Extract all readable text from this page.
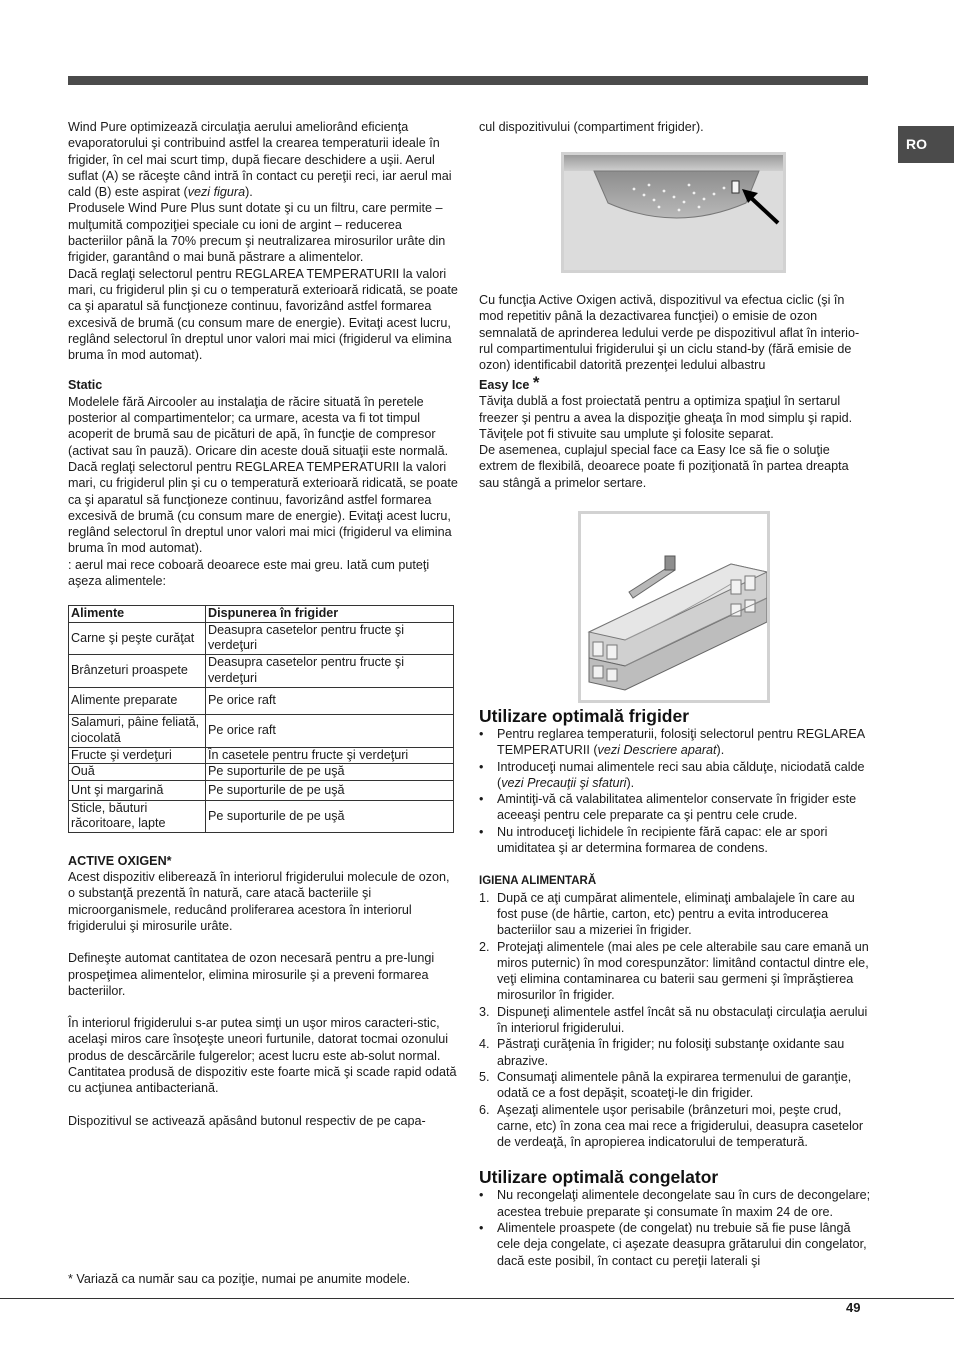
RO

Wind Pure optimizează circulaţia aerului ameliorând eficienţa evaporatorului şi contribuind astfel la crearea temperaturii ideale în frigider, în cel mai scurt timp, după fiecare deschidere a uşii. Aerul suflat (A) se răceşte când intră în contact cu pereţii reci, iar aerul mai cald (B) este aspirat (vezi figura).

Produsele Wind Pure Plus sunt dotate şi cu un filtru, care permite – mulţumită compoziţiei speciale cu ioni de argint – reducerea bacteriilor până la 70% precum şi neutralizarea mirosurilor urâte din frigider, garantând o mai bună păstrare a alimentelor.

Dacă reglaţi selectorul pentru REGLAREA TEMPERATURII la valori mari, cu frigiderul plin şi cu o temperatură exterioară ridicată, se poate ca şi aparatul să funcţioneze continuu, favorizând astfel formarea excesivă de brumă (cu consum mare de energie). Evitaţi acest lucru, reglând selectorul în dreptul unor valori mai mici (frigiderul va elimina bruma în mod automat).

Static

Modelele fără Aircooler au instalaţia de răcire situată în peretele posterior al compartimentelor; ca urmare, acesta va fi tot timpul acoperit de brumă sau de picături de apă, în funcţie de compresor (activat sau în pauză). Oricare din aceste două situaţii este normală. Dacă reglaţi selectorul pentru REGLAREA TEMPERATURII la valori mari, cu frigiderul plin şi cu o temperatură exterioară ridicată, se poate ca şi aparatul să funcţioneze continuu, favorizând astfel formarea excesivă de brumă (cu consum mare de energie). Evitaţi acest lucru, reglând selectorul în dreptul unor valori mai mici (frigiderul va elimina bruma în mod automat).

: aerul mai rece coboară deoarece este mai greu. Iată cum puteţi aşeza alimentele:

Alimente	Dispunerea în frigider
Carne şi peşte curăţat	Deasupra casetelor pentru fructe şi verdeţuri
Brânzeturi proaspete	Deasupra casetelor pentru fructe şi verdeţuri
Alimente preparate	Pe orice raft
Salamuri, pâine feliată, ciocolată	Pe orice raft
Fructe şi verdeţuri	În casetele pentru fructe şi verdeţuri
Ouă	Pe suporturile de pe uşă
Unt şi margarină	Pe suporturile de pe uşă
Sticle, băuturi răcoritoare, lapte	Pe suporturile de pe uşă

ACTIVE OXIGEN*

Acest dispozitiv eliberează în interiorul frigiderului molecule de ozon, o substanţă prezentă în natură, care atacă bacteriile şi microorganismele, reducând proliferarea acestora în interiorul frigiderului şi mirosurile urâte.

Defineşte automat cantitatea de ozon necesară pentru a pre-lungi prospeţimea alimentelor, elimina mirosurile şi a preveni formarea bacteriilor.

În interiorul frigiderului s-ar putea simţi un uşor miros caracteri-stic, acelaşi miros care însoţeşte uneori furtunile, datorat tocmai ozonului produs de descărcările fulgerelor; acest lucru este ab-solut normal. Cantitatea produsă de dispozitiv este foarte mică şi scade rapid odată cu acţiunea antibacteriană.

Dispozitivul se activează apăsând butonul respectiv de pe capa-

* Variază ca număr sau ca poziţie, numai pe anumite modele.

cul dispozitivului (compartiment frigider).

Cu funcţia Active Oxigen activă, dispozitivul va efectua ciclic (şi în mod repetitiv până la dezactivarea funcţiei) o emisie de ozon semnalată de aprinderea ledului verde pe dispozitivul aflat în interio-rul compartimentului frigiderului şi un ciclu stand-by (fără emisie de ozon) identificabil datorită prezenţei ledului albastru

Easy Ice *

Tăviţa dublă a fost proiectată pentru a optimiza spaţiul în sertarul freezer şi pentru a avea la dispoziţie gheaţa în mod simplu şi rapid. Tăviţele pot fi stivuite sau umplute şi folosite separat.

De asemenea, cuplajul special face ca Easy Ice să fie o soluţie extrem de flexibilă, deoarece poate fi poziţionată în partea dreapta sau stângă a primelor sertare.

Utilizare optimală frigider
• Pentru reglarea temperaturii, folosiţi selectorul pentru REGLAREA TEMPERATURII (vezi Descriere aparat).
• Introduceţi numai alimentele reci sau abia călduţe, niciodată calde (vezi Precauţii şi sfaturi).
• Amintiţi-vă că valabilitatea alimentelor conservate în frigider este aceeaşi pentru cele preparate ca şi pentru cele crude.
• Nu introduceţi lichidele în recipiente fără capac: ele ar spori umiditatea şi ar determina formarea de condens.

IGIENA ALIMENTARĂ

1. După ce aţi cumpărat alimentele, eliminaţi ambalajele în care au fost puse (de hârtie, carton, etc) pentru a evita introducerea bacteriilor sau a mizeriei în frigider.
2. Protejaţi alimentele (mai ales pe cele alterabile sau care emană un miros puternic) în mod corespunzător: limitând contactul dintre ele, veţi elimina contaminarea cu baterii sau germeni şi împrăştierea mirosurilor în frigider.
3. Dispuneţi alimentele astfel încât să nu obstaculaţi circulaţia aerului în interiorul frigiderului.
4. Păstraţi curăţenia în frigider; nu folosiţi substanţe oxidante sau abrazive.
5. Consumaţi alimentele până la expirarea termenului de garanţie, odată ce a fost depăşit, scoateţi-le din frigider.
6. Aşezaţi alimentele uşor perisabile (brânzeturi moi, peşte crud, carne, etc) în zona cea mai rece a frigiderului, deasupra casetelor de verdeaţă, în apropierea indicatorului de temperatură.
Utilizare optimală congelator
• Nu recongelaţi alimentele decongelate sau în curs de decongelare; acestea trebuie preparate şi consumate în maxim 24 de ore.
• Alimentele proaspete (de congelat) nu trebuie să fie puse lângă cele deja congelate, ci aşezate deasupra grătarului din congelator, dacă este posibil, în contact cu pereţii laterali şi
49
